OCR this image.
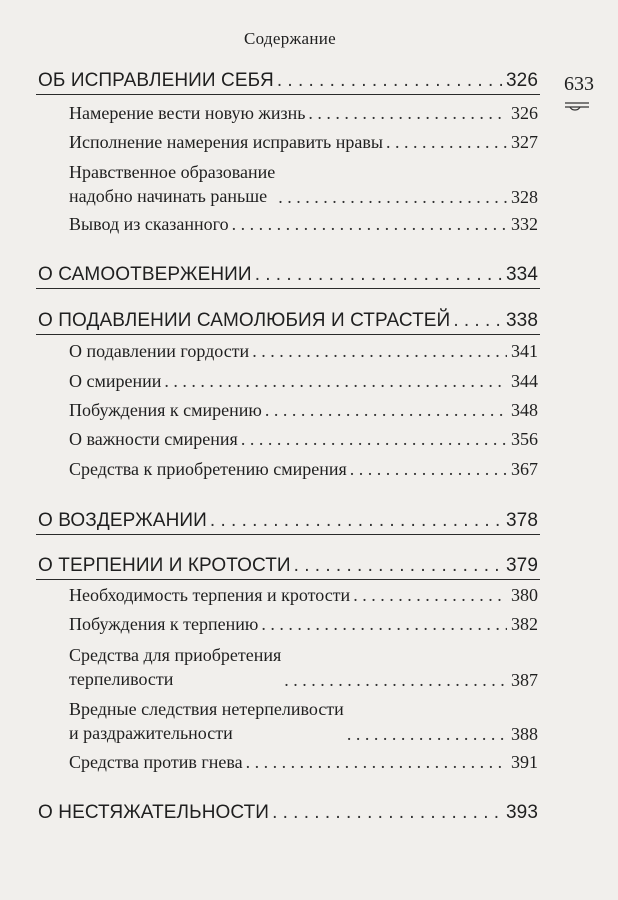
Содержание
633
ОБ ИСПРАВЛЕНИИ СЕБЯ . . .	326
Намерение вести новую жизнь . . .	326
Исполнение намерения исправить нравы . . .	327
Нравственное образование
надобно начинать раньше . . .	328
Вывод из сказанного . . .	332
О САМООТВЕРЖЕНИИ . . .	334
О ПОДАВЛЕНИИ САМОЛЮБИЯ И СТРАСТЕЙ . . .	338
О подавлении гордости . . .	341
О смирении . . .	344
Побуждения к смирению . . .	348
О важности смирения . . .	356
Средства к приобретению смирения . . .	367
О ВОЗДЕРЖАНИИ . . .	378
О ТЕРПЕНИИ И КРОТОСТИ . . .	379
Необходимость терпения и кротости . . .	380
Побуждения к терпению . . .	382
Средства для приобретения
терпеливости . . .	387
Вредные следствия нетерпеливости
и раздражительности . . .	388
Средства против гнева . . .	391
О НЕСТЯЖАТЕЛЬНОСТИ . . .	393
